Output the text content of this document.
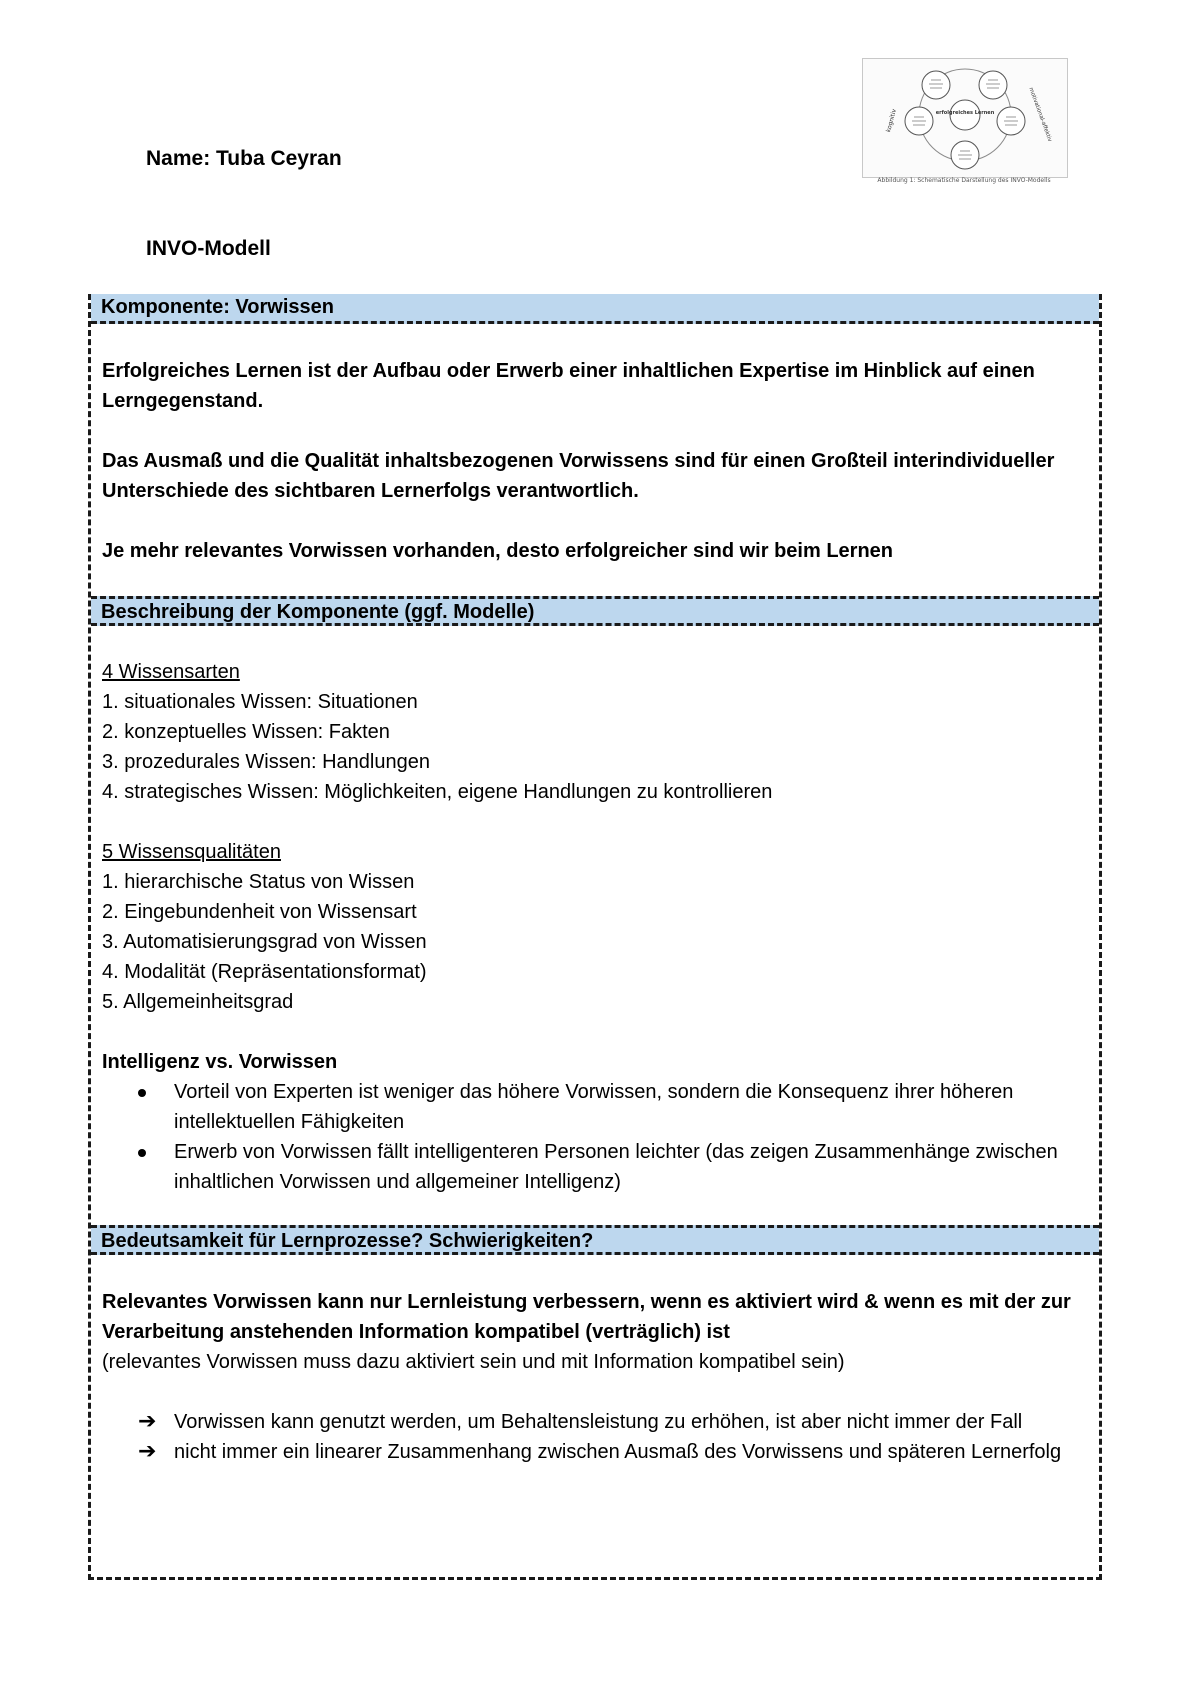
Name: Tuba Ceyran
INVO-Modell
erfolgreiches Lernen
kognitiv	motivational-affektiv
Abbildung 1: Schematische Darstellung des INVO-Modells
Komponente: Vorwissen

Erfolgreiches Lernen ist der Aufbau oder Erwerb einer inhaltlichen Expertise im Hinblick auf einen Lerngegenstand.

Das Ausmaß und die Qualität inhaltsbezogenen Vorwissens sind für einen Großteil interindividueller Unterschiede des sichtbaren Lernerfolgs verantwortlich.

Je mehr relevantes Vorwissen vorhanden, desto erfolgreicher sind wir beim Lernen

Beschreibung der Komponente (ggf. Modelle)

4 Wissensarten

1. situationales Wissen: Situationen

2. konzeptuelles Wissen: Fakten

3. prozedurales Wissen: Handlungen

4. strategisches Wissen: Möglichkeiten, eigene Handlungen zu kontrollieren

5 Wissensqualitäten

1. hierarchische Status von Wissen

2. Eingebundenheit von Wissensart

3. Automatisierungsgrad von Wissen

4. Modalität (Repräsentationsformat)

5. Allgemeinheitsgrad

Intelligenz vs. Vorwissen

Vorteil von Experten ist weniger das höhere Vorwissen, sondern die Konsequenz ihrer höheren intellektuellen Fähigkeiten
Erwerb von Vorwissen fällt intelligenteren Personen leichter (das zeigen Zusammenhänge zwischen inhaltlichen Vorwissen und allgemeiner Intelligenz)
Bedeutsamkeit für Lernprozesse? Schwierigkeiten?

Relevantes Vorwissen kann nur Lernleistung verbessern, wenn es aktiviert wird & wenn es mit der zur Verarbeitung anstehenden Information kompatibel (verträglich) ist

(relevantes Vorwissen muss dazu aktiviert sein und mit Information kompatibel sein)

➔ Vorwissen kann genutzt werden, um Behaltensleistung zu erhöhen, ist aber nicht immer der Fall
➔ nicht immer ein linearer Zusammenhang zwischen Ausmaß des Vorwissens und späteren Lernerfolg
